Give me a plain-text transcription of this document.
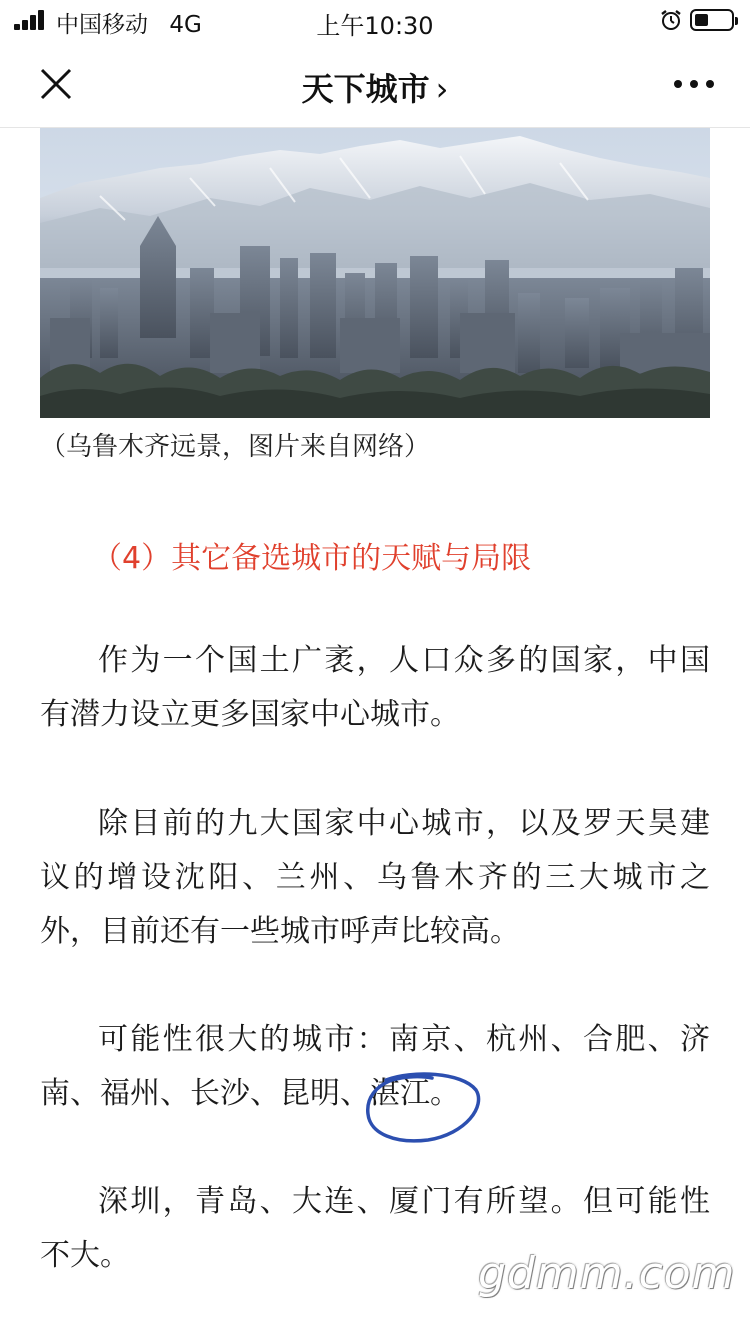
中国移动 4G	上午10:30
天下城市 ›
（乌鲁木齐远景，图片来自网络）
（4）其它备选城市的天赋与局限
作为一个国土广袤，人口众多的国家，中国
有潜力设立更多国家中心城市。
除目前的九大国家中心城市，以及罗天昊建
议的增设沈阳、兰州、乌鲁木齐的三大城市之
外，目前还有一些城市呼声比较高。
可能性很大的城市：南京、杭州、合肥、济
南、福州、长沙、昆明、湛江。
深圳，青岛、大连、厦门有所望。但可能性
不大。	gdmm.com
